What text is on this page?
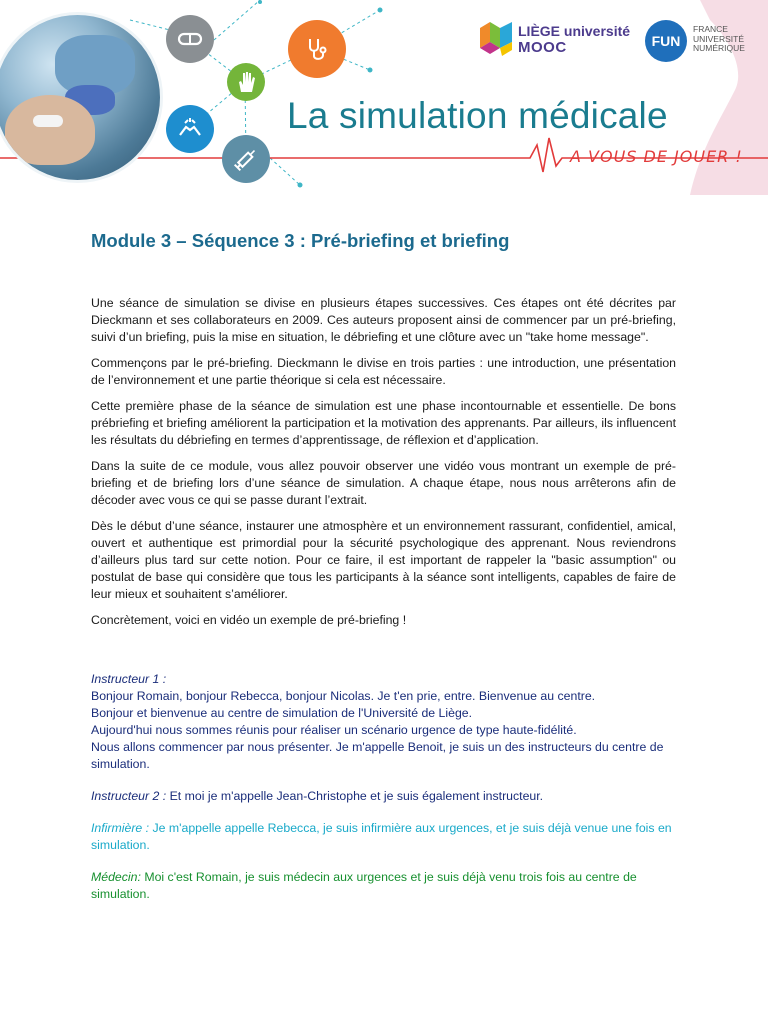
LIÈGE université
MOOC	FUN
FRANCE
UNIVERSITÉ
NUMÉRIQUE
La simulation médicale
A VOUS DE JOUER !
Module 3 – Séquence 3 : Pré-briefing et briefing

Une séance de simulation se divise en plusieurs étapes successives. Ces étapes ont été décrites par Dieckmann et ses collaborateurs en 2009. Ces auteurs proposent ainsi de commencer par un pré-briefing, suivi d’un briefing, puis la mise en situation, le débriefing et une clôture avec un "take home message".

Commençons par le pré-briefing. Dieckmann le divise en trois parties : une introduction, une présentation de l’environnement et une partie théorique si cela est nécessaire.

Cette première phase de la séance de simulation est une phase incontournable et essentielle. De bons prébriefing et briefing améliorent la participation et la motivation des apprenants. Par ailleurs, ils influencent les résultats du débriefing en termes d’apprentissage, de réflexion et d’application.

Dans la suite de ce module, vous allez pouvoir observer une vidéo vous montrant un exemple de pré-briefing et de briefing lors d’une séance de simulation. A chaque étape, nous nous arrêterons afin de décoder avec vous ce qui se passe durant l’extrait.

Dès le début d’une séance, instaurer une atmosphère et un environnement rassurant, confidentiel, amical, ouvert et authentique est primordial pour la sécurité psychologique des apprenant. Nous reviendrons d’ailleurs plus tard sur cette notion. Pour ce faire, il est important de rappeler la "basic assumption" ou postulat de base qui considère que tous les participants à la séance sont intelligents, capables de faire de leur mieux et souhaitent s’améliorer.

Concrètement, voici en vidéo un exemple de pré-briefing !

Instructeur 1 :
Bonjour Romain, bonjour Rebecca, bonjour Nicolas. Je t'en prie, entre. Bienvenue au centre.
Bonjour et bienvenue au centre de simulation de l'Université de Liège.
Aujourd'hui nous sommes réunis pour réaliser un scénario urgence de type haute-fidélité.
Nous allons commencer par nous présenter. Je m'appelle Benoit, je suis un des instructeurs du centre de simulation.
Instructeur 2 : Et moi je m'appelle Jean-Christophe et je suis également instructeur.
Infirmière : Je m'appelle appelle Rebecca, je suis infirmière aux urgences, et je suis déjà venue une fois en simulation.
Médecin: Moi c'est Romain, je suis médecin aux urgences et je suis déjà venu trois fois au centre de simulation.
